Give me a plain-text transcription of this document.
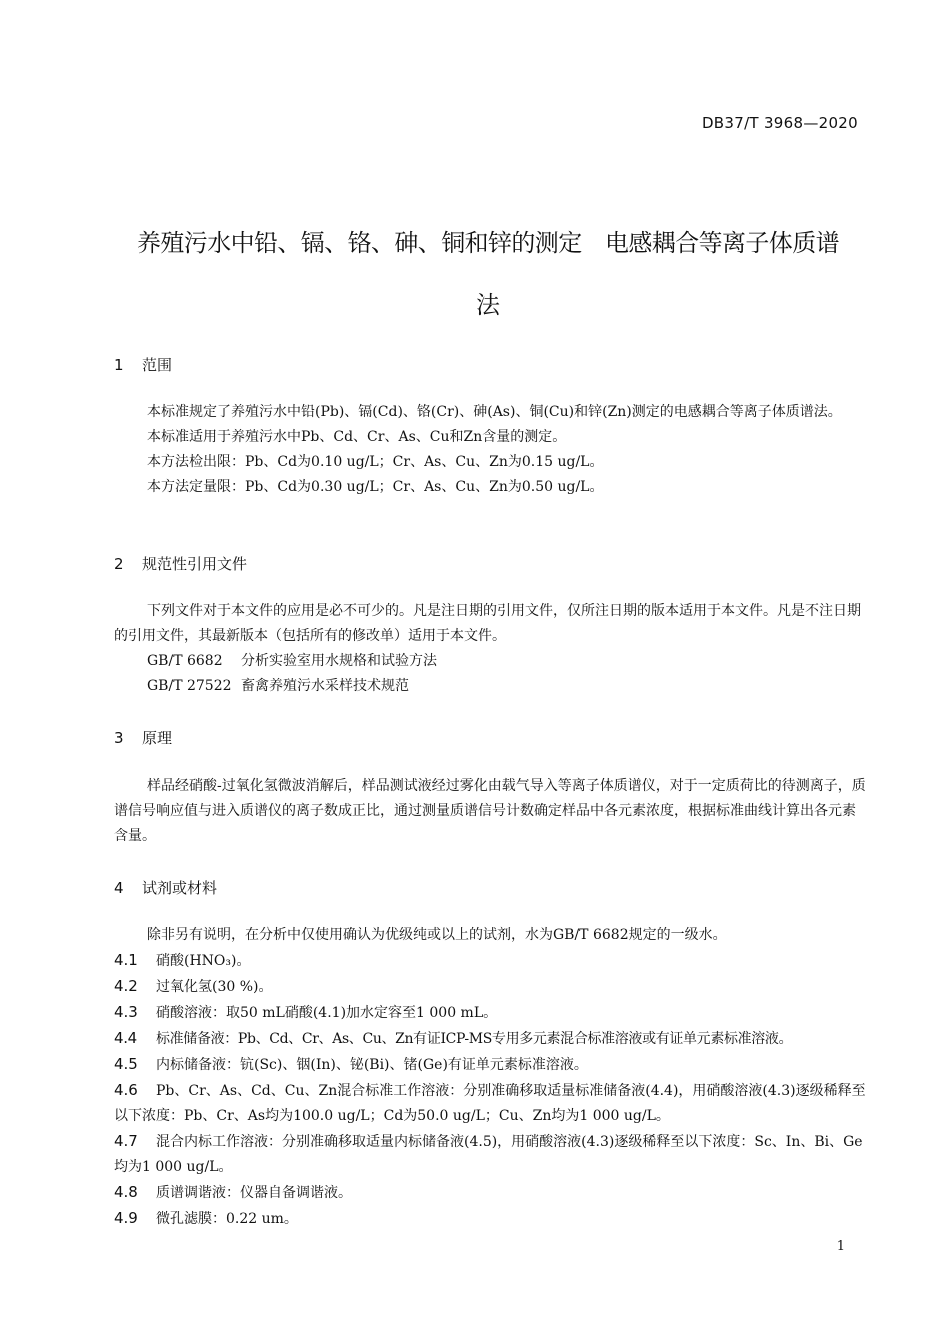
DB37/T 3968—2020
养殖污水中铅、镉、铬、砷、铜和锌的测定　电感耦合等离子体质谱
法
1 范围

本标准规定了养殖污水中铅(Pb)、镉(Cd)、铬(Cr)、砷(As)、铜(Cu)和锌(Zn)测定的电感耦合等离子体质谱法。

本标准适用于养殖污水中Pb、Cd、Cr、As、Cu和Zn含量的测定。

本方法检出限：Pb、Cd为0.10 ug/L；Cr、As、Cu、Zn为0.15 ug/L。

本方法定量限：Pb、Cd为0.30 ug/L；Cr、As、Cu、Zn为0.50 ug/L。

2 规范性引用文件

下列文件对于本文件的应用是必不可少的。凡是注日期的引用文件，仅所注日期的版本适用于本文件。凡是不注日期的引用文件，其最新版本（包括所有的修改单）适用于本文件。

GB/T 6682 分析实验室用水规格和试验方法

GB/T 27522 畜禽养殖污水采样技术规范

3 原理

样品经硝酸-过氧化氢微波消解后，样品测试液经过雾化由载气导入等离子体质谱仪，对于一定质荷比的待测离子，质谱信号响应值与进入质谱仪的离子数成正比，通过测量质谱信号计数确定样品中各元素浓度，根据标准曲线计算出各元素含量。

4 试剂或材料

除非另有说明，在分析中仅使用确认为优级纯或以上的试剂，水为GB/T 6682规定的一级水。

4.1 硝酸(HNO₃)。

4.2 过氧化氢(30 %)。

4.3 硝酸溶液：取50 mL硝酸(4.1)加水定容至1 000 mL。

4.4 标准储备液：Pb、Cd、Cr、As、Cu、Zn有证ICP-MS专用多元素混合标准溶液或有证单元素标准溶液。

4.5 内标储备液：钪(Sc)、铟(In)、铋(Bi)、锗(Ge)有证单元素标准溶液。

4.6 Pb、Cr、As、Cd、Cu、Zn混合标准工作溶液：分别准确移取适量标准储备液(4.4)，用硝酸溶液(4.3)逐级稀释至以下浓度：Pb、Cr、As均为100.0 ug/L；Cd为50.0 ug/L；Cu、Zn均为1 000 ug/L。

4.7 混合内标工作溶液：分别准确移取适量内标储备液(4.5)，用硝酸溶液(4.3)逐级稀释至以下浓度：Sc、In、Bi、Ge均为1 000 ug/L。

4.8 质谱调谐液：仪器自备调谐液。

4.9 微孔滤膜：0.22 um。

1
